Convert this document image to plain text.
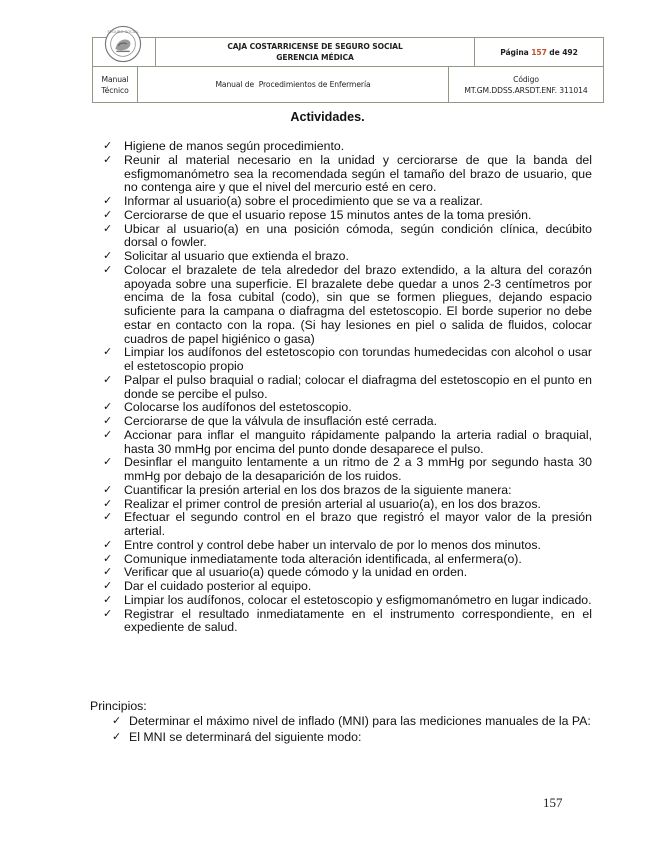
SEGURO SOCIAL
CAJA COSTARRICENSE DE SEGURO SOCIAL
GERENCIA MÉDICA
Página 157 de 492
Manual
Técnico
Manual de  Procedimientos de Enfermería
Código
MT.GM.DDSS.ARSDT.ENF. 311014
Actividades.
✓ Higiene de manos según procedimiento.
✓ Reunir al material necesario en la unidad y cerciorarse de que la banda del esfigmomanómetro sea la recomendada según el tamaño del brazo de usuario, que no contenga aire y que el nivel del mercurio esté en cero.
✓ Informar al usuario(a) sobre el procedimiento que se va a realizar.
✓ Cerciorarse de que el usuario repose 15 minutos antes de la toma presión.
✓ Ubicar al usuario(a) en una posición cómoda, según condición clínica, decúbito dorsal o fowler.
✓ Solicitar al usuario que extienda el brazo.
✓ Colocar el brazalete de tela alrededor del brazo extendido, a la altura del corazón apoyada sobre una superficie. El brazalete debe quedar a unos 2-3 centímetros por encima de la fosa cubital (codo), sin que se formen pliegues, dejando espacio suficiente para la campana o diafragma del estetoscopio. El borde superior no debe estar en contacto con la ropa. (Si hay lesiones en piel o salida de fluidos, colocar cuadros de papel higiénico o gasa)
✓ Limpiar los audífonos del estetoscopio con torundas humedecidas con alcohol o usar el estetoscopio propio
✓ Palpar el pulso braquial o radial; colocar el diafragma del estetoscopio en el punto en donde se percibe el pulso.
✓ Colocarse los audífonos del estetoscopio.
✓ Cerciorarse de que la válvula de insuflación esté cerrada.
✓ Accionar para inflar el manguito rápidamente palpando la arteria radial o braquial, hasta 30 mmHg por encima del punto donde desaparece el pulso.
✓ Desinflar el manguito lentamente a un ritmo de 2 a 3 mmHg por segundo hasta 30 mmHg por debajo de la desaparición de los ruidos.
✓ Cuantificar la presión arterial en los dos brazos de la siguiente manera:
✓ Realizar el primer control de presión arterial al usuario(a), en los dos brazos.
✓ Efectuar el segundo control en el brazo que registró el mayor valor de la presión arterial.
✓ Entre control y control debe haber un intervalo de por lo menos dos minutos.
✓ Comunique inmediatamente toda alteración identificada, al enfermera(o).
✓ Verificar que al usuario(a) quede cómodo y la unidad en orden.
✓ Dar el cuidado posterior al equipo.
✓ Limpiar los audífonos, colocar el estetoscopio y esfigmomanómetro en lugar indicado.
✓ Registrar el resultado inmediatamente en el instrumento correspondiente, en el expediente de salud.
Principios:
✓ Determinar el máximo nivel de inflado (MNI) para las mediciones manuales de la PA:
✓ El MNI se determinará del siguiente modo:
157
